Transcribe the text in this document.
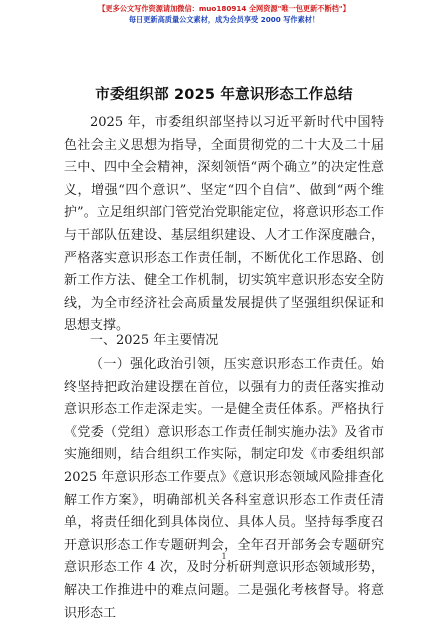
【更多公文写作资源请加微信：muo180914 全网资源"唯一包更新不断档"】
每日更新高质量公文素材，成为会员享受 2000 写作素材！
市委组织部 2025 年意识形态工作总结

2025 年，市委组织部坚持以习近平新时代中国特色社会主义思想为指导，全面贯彻党的二十大及二十届三中、四中全会精神，深刻领悟“两个确立”的决定性意义，增强“四个意识”、坚定“四个自信”、做到“两个维护”。立足组织部门管党治党职能定位，将意识形态工作与干部队伍建设、基层组织建设、人才工作深度融合，严格落实意识形态工作责任制，不断优化工作思路、创新工作方法、健全工作机制，切实筑牢意识形态安全防线，为全市经济社会高质量发展提供了坚强组织保证和思想支撑。

一、2025 年主要情况

（一）强化政治引领，压实意识形态工作责任。始终坚持把政治建设摆在首位，以强有力的责任落实推动意识形态工作走深走实。一是健全责任体系。严格执行《党委（党组）意识形态工作责任制实施办法》及省市实施细则，结合组织工作实际，制定印发《市委组织部 2025 年意识形态工作要点》《意识形态领域风险排查化解工作方案》，明确部机关各科室意识形态工作责任清单，将责任细化到具体岗位、具体人员。坚持每季度召开意识形态工作专题研判会，全年召开部务会专题研究意识形态工作 4 次，及时分析研判意识形态领域形势，解决工作推进中的难点问题。二是强化考核督导。将意识形态工

1
